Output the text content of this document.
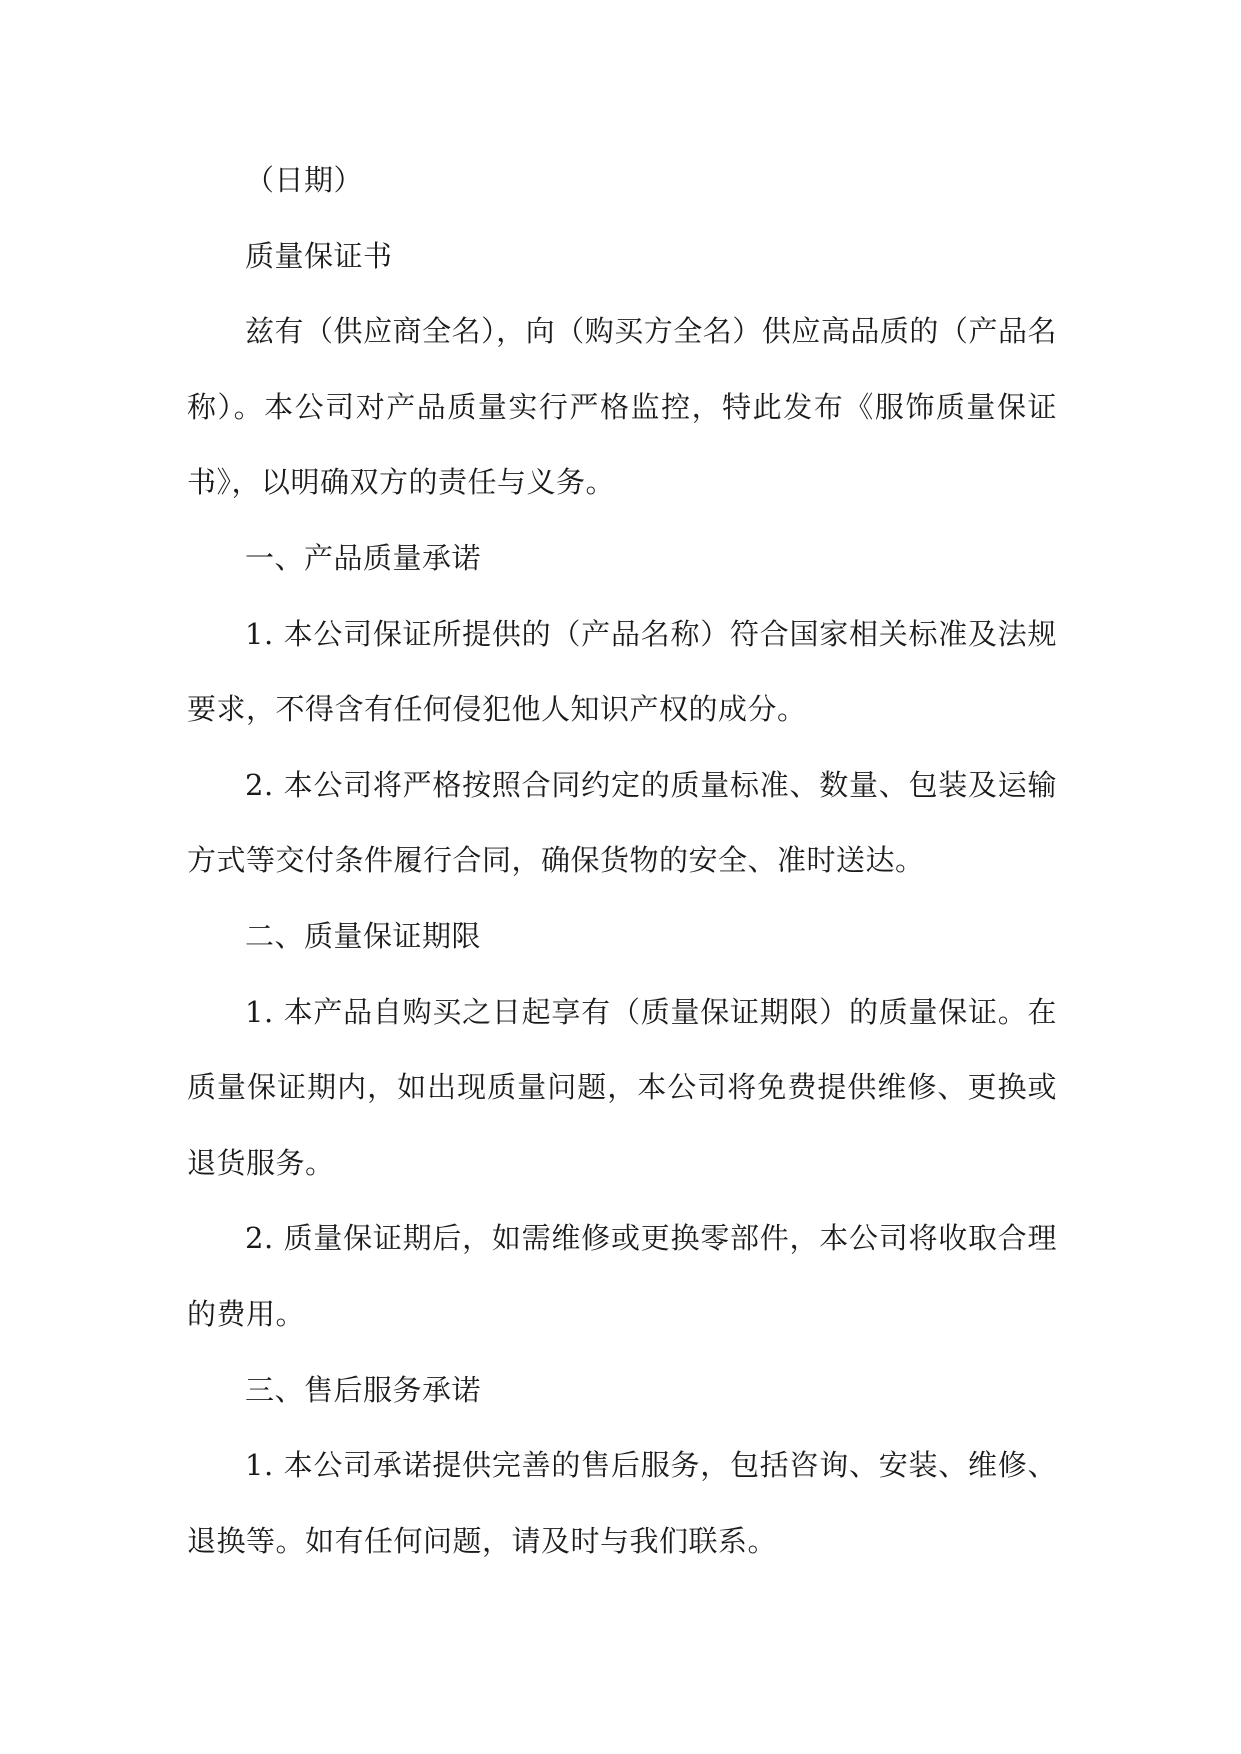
（日期）

质量保证书

兹有（供应商全名），向（购买方全名）供应高品质的（产品名称）。本公司对产品质量实行严格监控，特此发布《服饰质量保证书》，以明确双方的责任与义务。

一、产品质量承诺

1. 本公司保证所提供的（产品名称）符合国家相关标准及法规要求，不得含有任何侵犯他人知识产权的成分。

2. 本公司将严格按照合同约定的质量标准、数量、包装及运输方式等交付条件履行合同，确保货物的安全、准时送达。

二、质量保证期限

1. 本产品自购买之日起享有（质量保证期限）的质量保证。在质量保证期内，如出现质量问题，本公司将免费提供维修、更换或退货服务。

2. 质量保证期后，如需维修或更换零部件，本公司将收取合理的费用。

三、售后服务承诺

1. 本公司承诺提供完善的售后服务，包括咨询、安装、维修、退换等。如有任何问题，请及时与我们联系。
